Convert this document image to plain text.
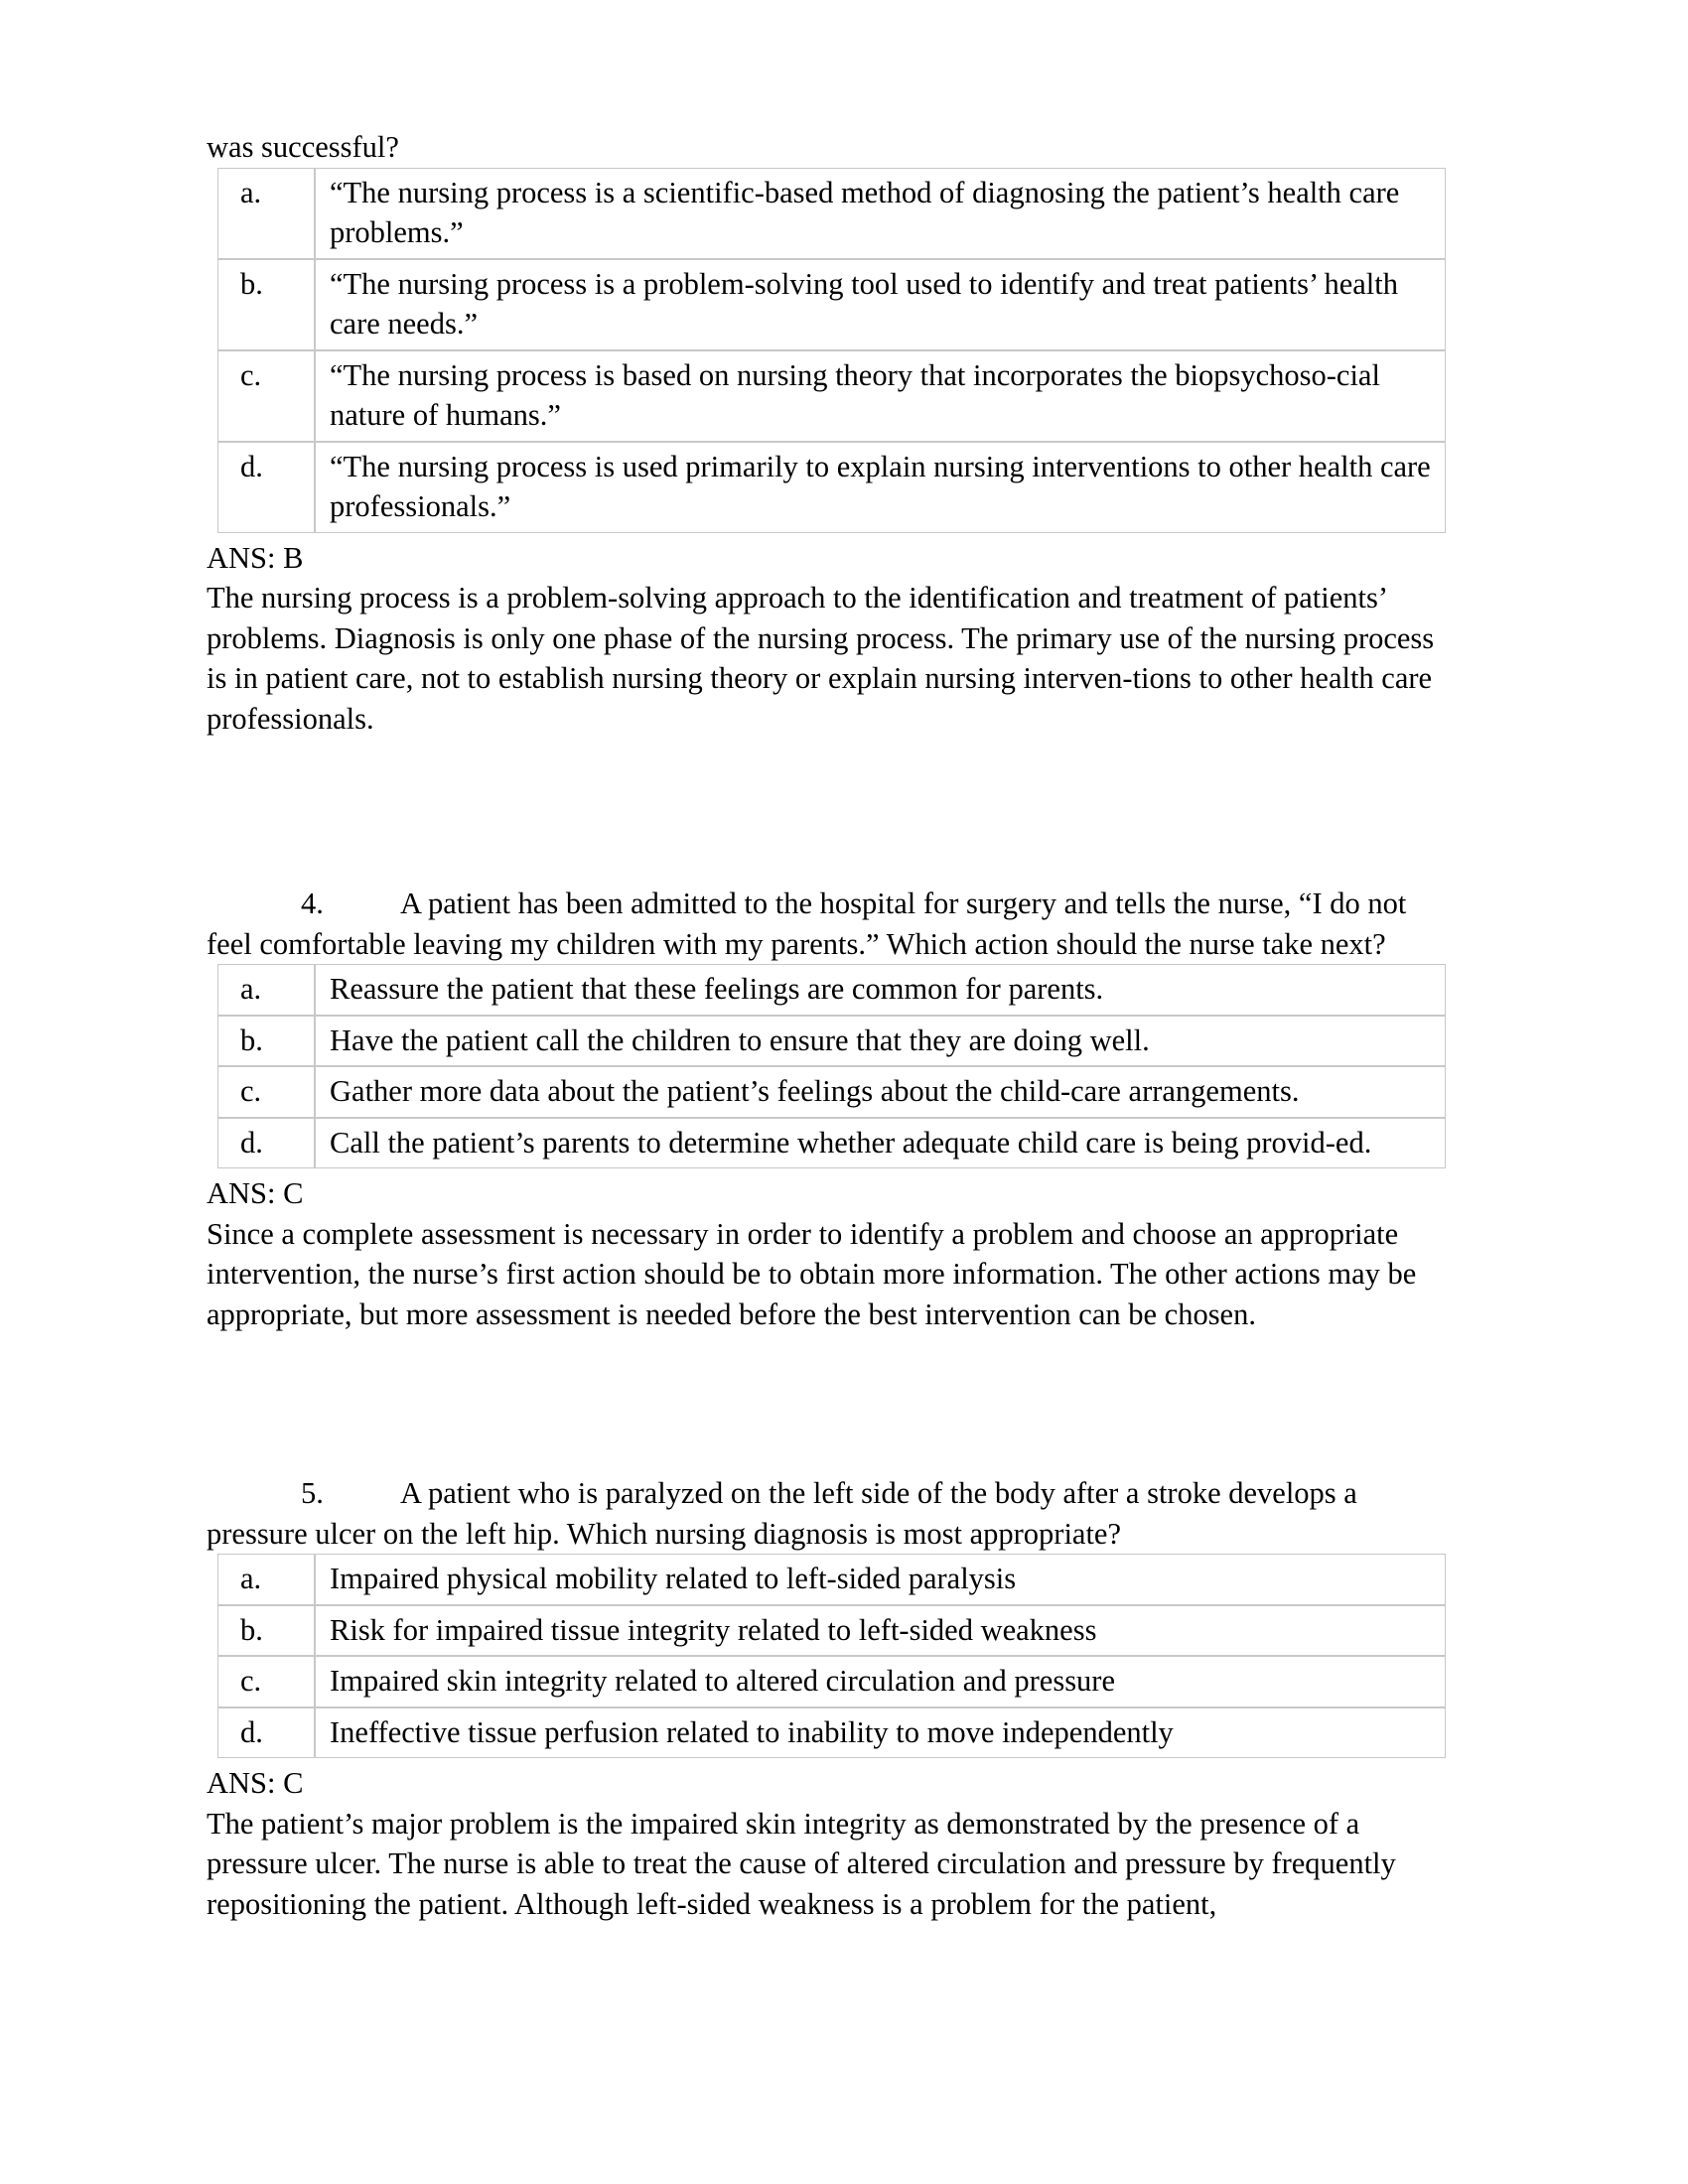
was successful?

a.	“The nursing process is a scientific-based method of diagnosing the patient’s health care problems.”
b.	“The nursing process is a problem-solving tool used to identify and treat patients’ health care needs.”
c.	“The nursing process is based on nursing theory that incorporates the biopsychoso-cial nature of humans.”
d.	“The nursing process is used primarily to explain nursing interventions to other health care professionals.”

ANS: B

The nursing process is a problem-solving approach to the identification and treatment of patients’ problems. Diagnosis is only one phase of the nursing process. The primary use of the nursing process is in patient care, not to establish nursing theory or explain nursing interven-tions to other health care professionals.

4.	A patient has been admitted to the hospital for surgery and tells the nurse, “I do not feel comfortable leaving my children with my parents.” Which action should the nurse take next?

a.	Reassure the patient that these feelings are common for parents.
b.	Have the patient call the children to ensure that they are doing well.
c.	Gather more data about the patient’s feelings about the child-care arrangements.
d.	Call the patient’s parents to determine whether adequate child care is being provid-ed.

ANS: C

Since a complete assessment is necessary in order to identify a problem and choose an appropriate intervention, the nurse’s first action should be to obtain more information. The other actions may be appropriate, but more assessment is needed before the best intervention can be chosen.

5.	A patient who is paralyzed on the left side of the body after a stroke develops a pressure ulcer on the left hip. Which nursing diagnosis is most appropriate?

a.	Impaired physical mobility related to left-sided paralysis
b.	Risk for impaired tissue integrity related to left-sided weakness
c.	Impaired skin integrity related to altered circulation and pressure
d.	Ineffective tissue perfusion related to inability to move independently

ANS: C

The patient’s major problem is the impaired skin integrity as demonstrated by the presence of a pressure ulcer. The nurse is able to treat the cause of altered circulation and pressure by frequently repositioning the patient. Although left-sided weakness is a problem for the patient,
